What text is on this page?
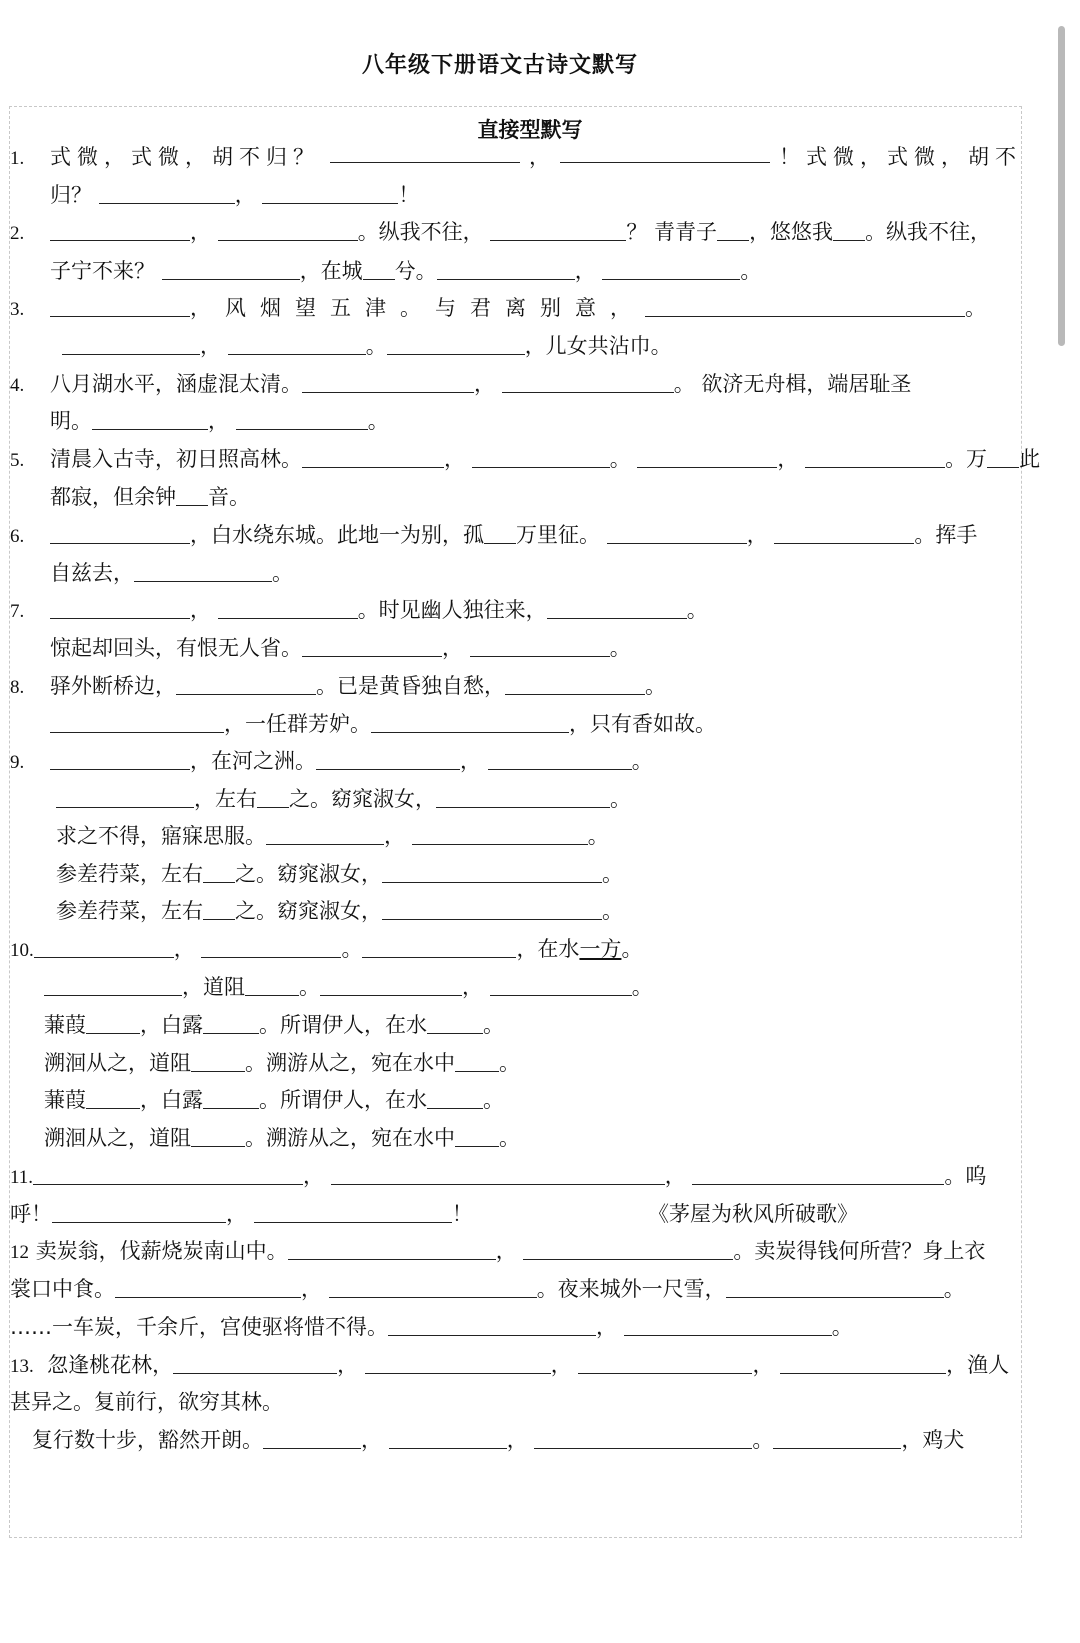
八年级下册语文古诗文默写
直接型默写
1. 式微，式微，胡不归？	，	！式微，式微，胡不
归？	，	！
2.	，	。纵我不往，	？ 青青子 ，悠悠我 。纵我不往，
子宁不来？	，在城 兮。	，	。
3.	，风烟望五津。与君离别意，	。
，	。	，儿女共沾巾。
4. 八月湖水平，涵虚混太清。	，	。 欲济无舟楫，端居耻圣
明。	，	。
5. 清晨入古寺，初日照高林。	，	。	，	。万 此
都寂，但余钟 音。
6.	，白水绕东城。此地一为别，孤 万里征。	，	。挥手
自兹去，	。
7.	，	。时见幽人独往来，	。
惊起却回头，有恨无人省。	，	。
8. 驿外断桥边，	。已是黄昏独自愁，	。
，一任群芳妒。	，只有香如故。
9.	，在河之洲。	，	。
，左右 之。窈窕淑女，	。
求之不得，寤寐思服。	，	。
参差荇菜，左右 之。窈窕淑女，	。
参差荇菜，左右 之。窈窕淑女，	。
10.	，	。	，在水一方。
，道阻	。	，	。
蒹葭	，白露	。所谓伊人，在水	。
溯洄从之，道阻	。溯游从之，宛在水中 。
蒹葭	，白露	。所谓伊人，在水	。
溯洄从之，道阻	。溯游从之，宛在水中 。
11.	，	，	。呜
呼！	，	！	《茅屋为秋风所破歌》
12 卖炭翁，伐薪烧炭南山中。	，	。卖炭得钱何所营？身上衣
裳口中食。	，	。夜来城外一尺雪，	。
……一车炭，千余斤，宫使驱将惜不得。	，	。
13. 忽逢桃花林，	，	，	，	，渔人
甚异之。复前行，欲穷其林。
复行数十步，豁然开朗。	，	，	。	，鸡犬
